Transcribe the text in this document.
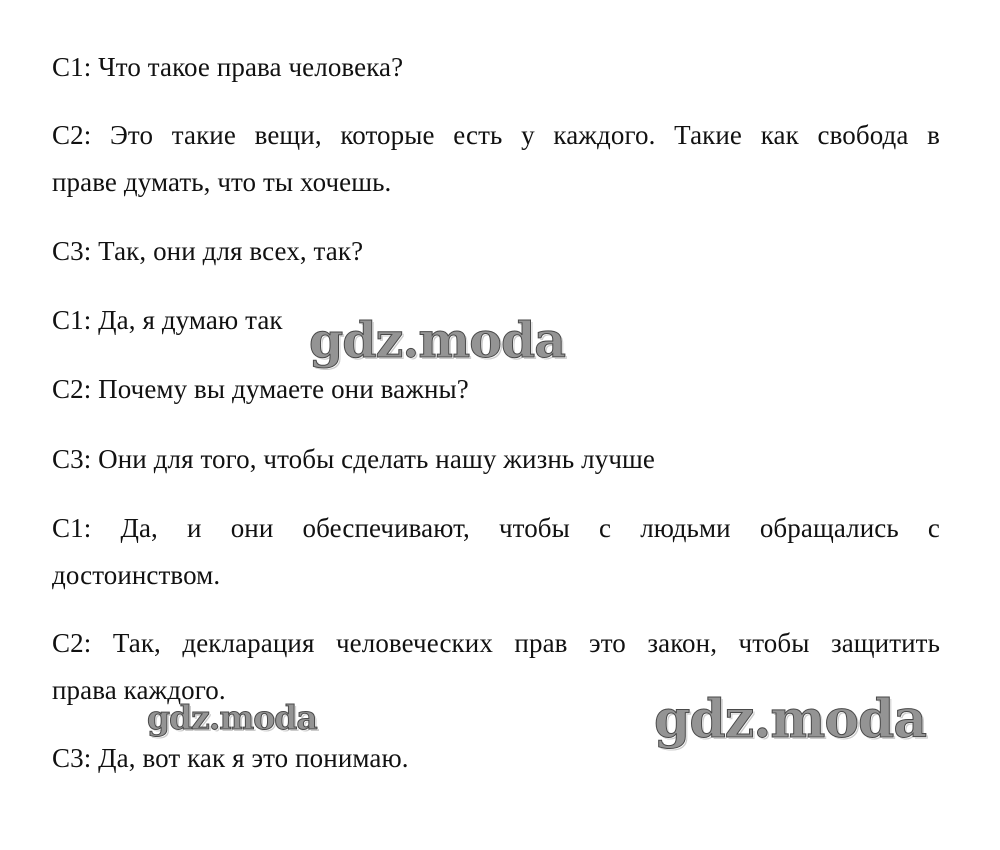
С1: Что такое права человека?

С2: Это такие вещи, которые есть у каждого. Такие как свобода в

праве думать, что ты хочешь.

С3: Так, они для всех, так?

С1: Да, я думаю так

С2: Почему вы думаете они важны?

С3: Они для того, чтобы сделать нашу жизнь лучше

С1: Да, и они обеспечивают, чтобы с людьми обращались с

достоинством.

С2: Так, декларация человеческих прав это закон, чтобы защитить

права каждого.

С3: Да, вот как я это понимаю.

gdz.moda
gdz.moda	gdz.moda
